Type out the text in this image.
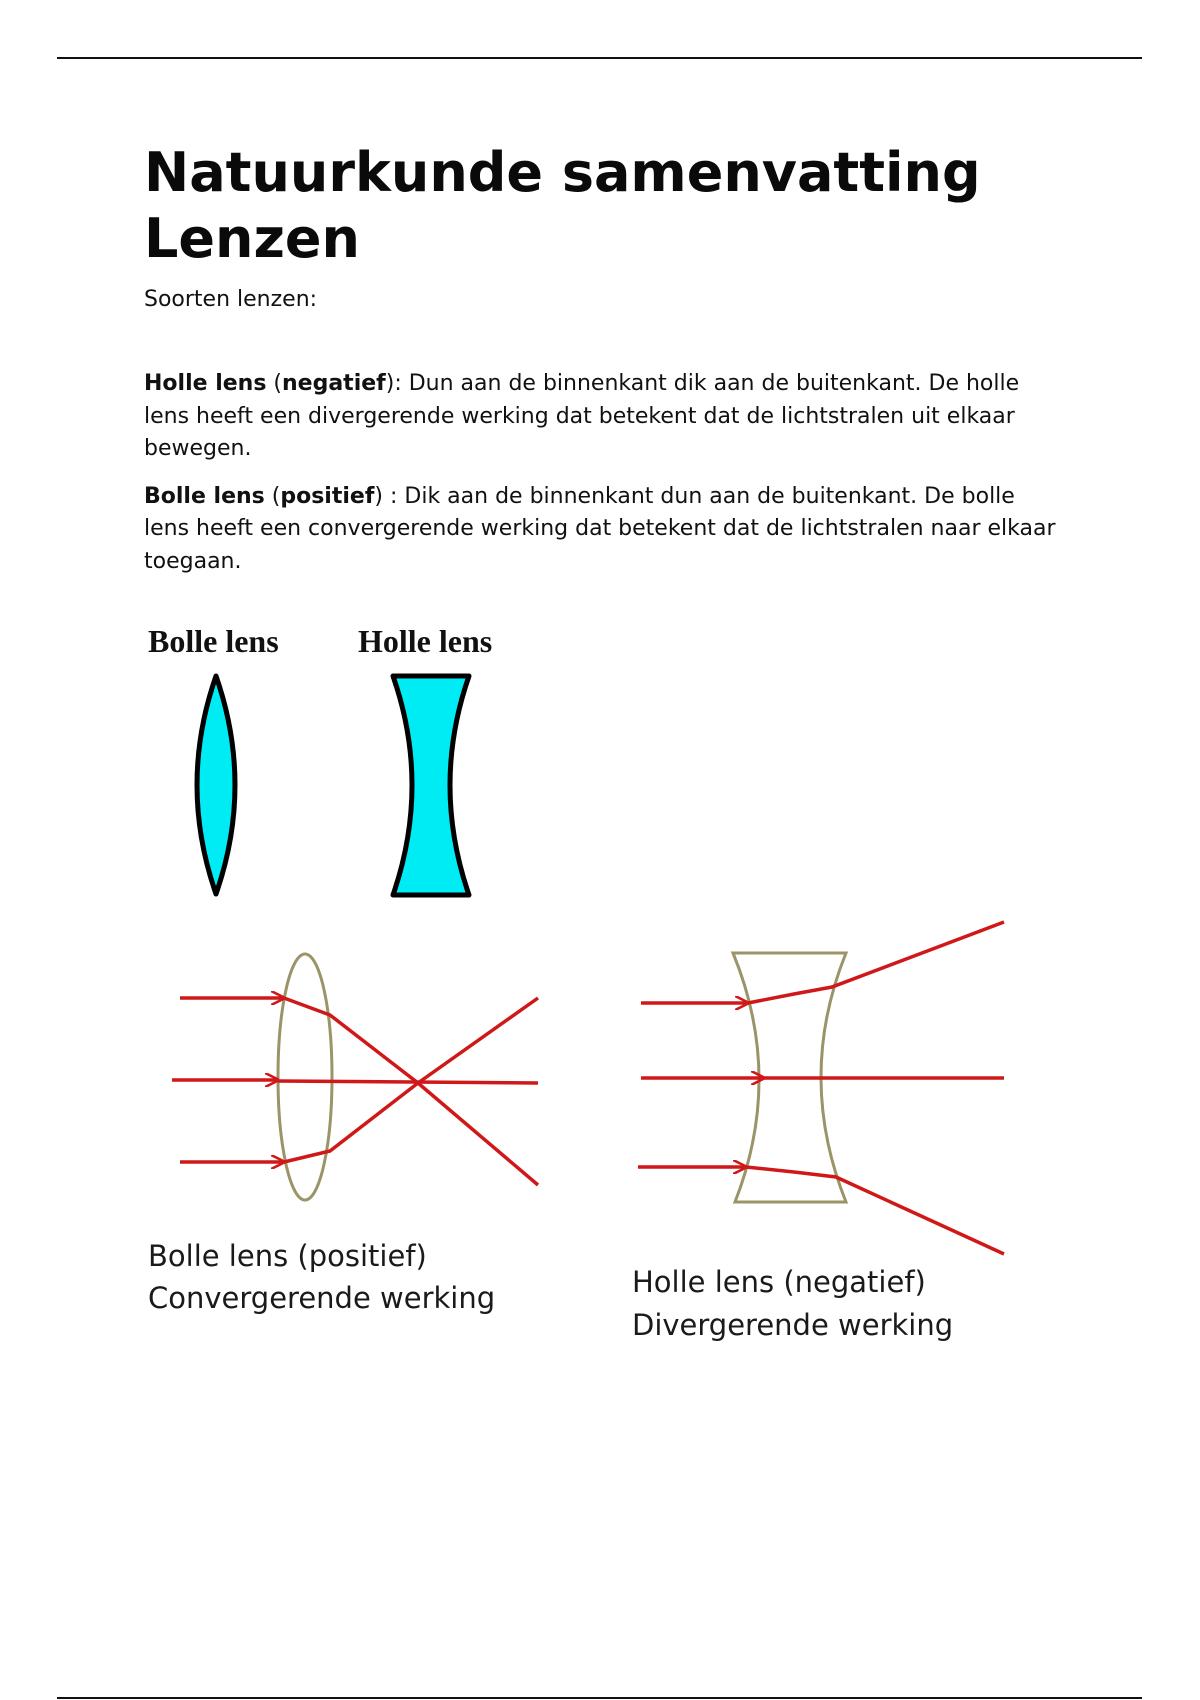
Natuurkunde samenvatting
Lenzen

Soorten lenzen:

Holle lens (negatief): Dun aan de binnenkant dik aan de buitenkant. De holle lens heeft een divergerende werking dat betekent dat de lichtstralen uit elkaar bewegen.

Bolle lens (positief) : Dik aan de binnenkant dun aan de buitenkant. De bolle lens heeft een convergerende werking dat betekent dat de lichtstralen naar elkaar toegaan.

Bolle lens Holle lens
Bolle lens (positief)
Convergerende werking	Holle lens (negatief)
Divergerende werking
